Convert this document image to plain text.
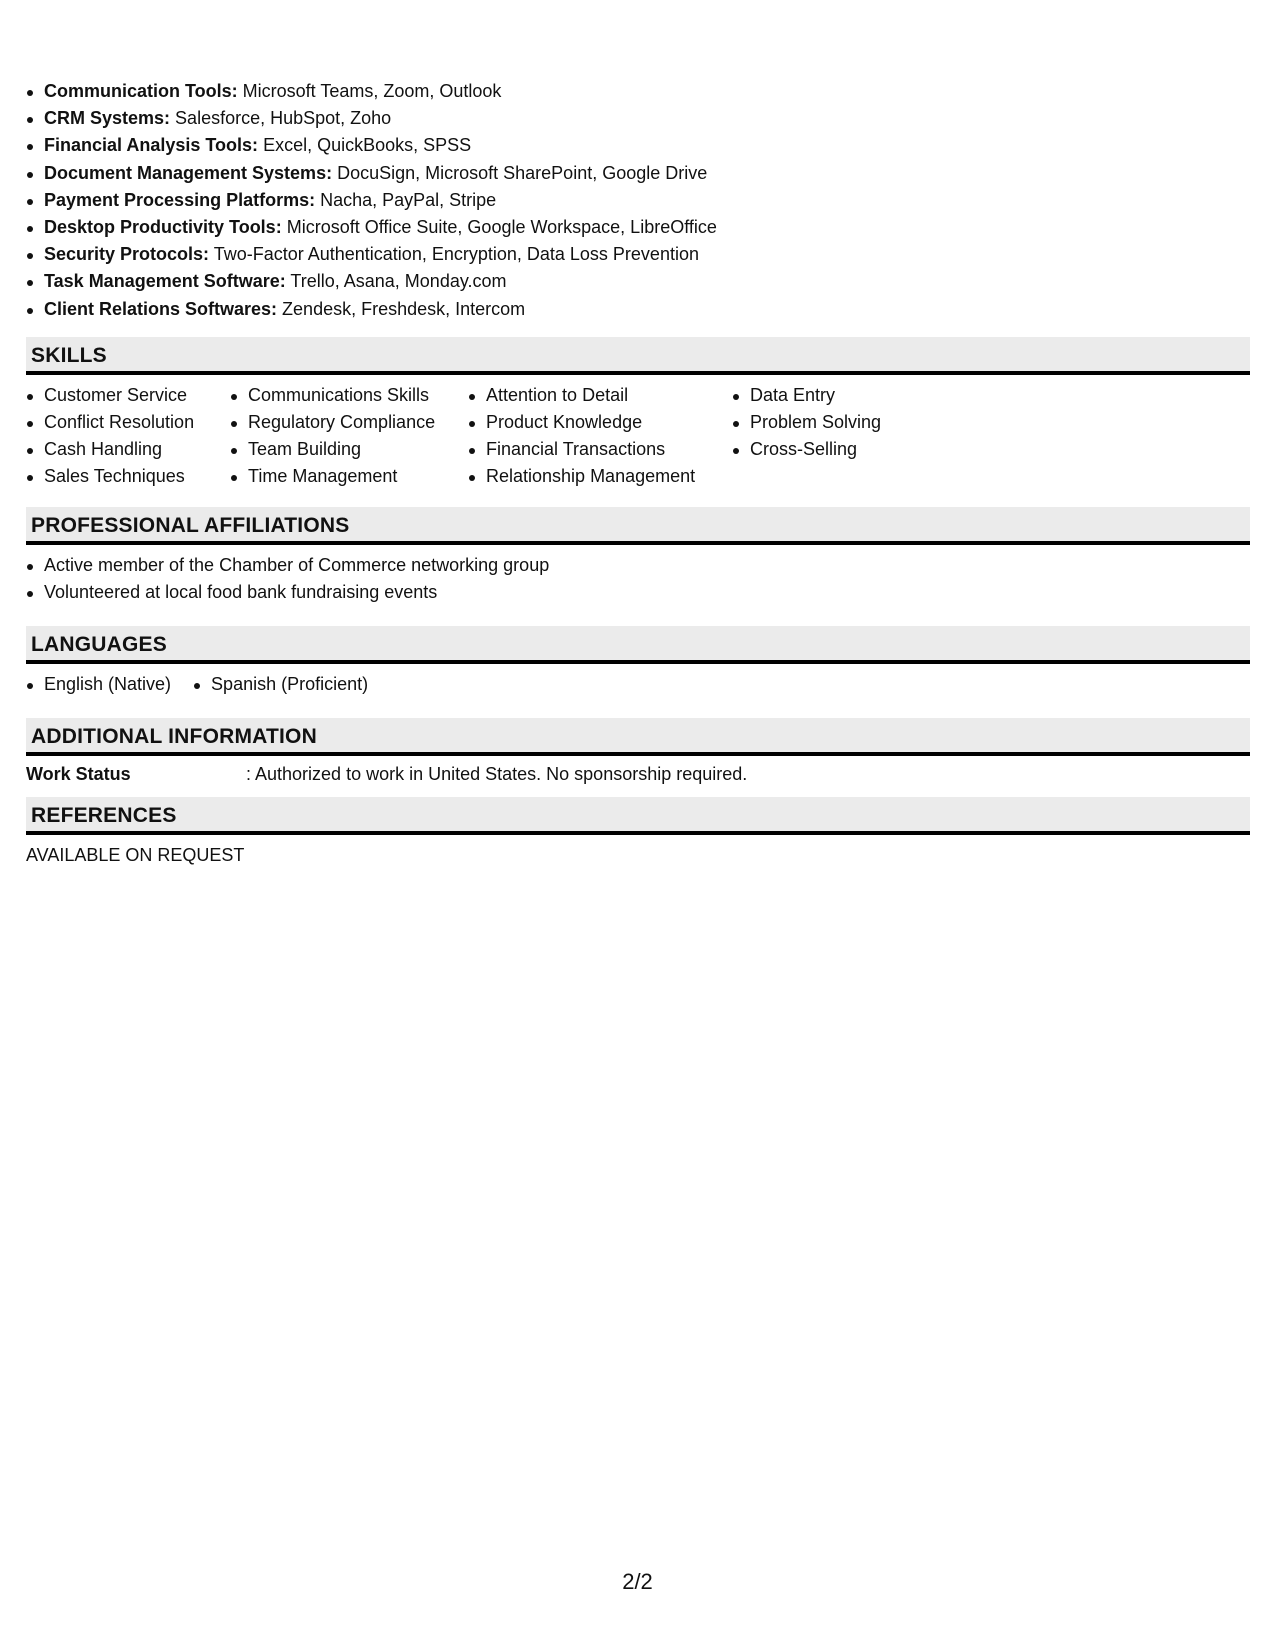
Communication Tools: Microsoft Teams, Zoom, Outlook
CRM Systems: Salesforce, HubSpot, Zoho
Financial Analysis Tools: Excel, QuickBooks, SPSS
Document Management Systems: DocuSign, Microsoft SharePoint, Google Drive
Payment Processing Platforms: Nacha, PayPal, Stripe
Desktop Productivity Tools: Microsoft Office Suite, Google Workspace, LibreOffice
Security Protocols: Two-Factor Authentication, Encryption, Data Loss Prevention
Task Management Software: Trello, Asana, Monday.com
Client Relations Softwares: Zendesk, Freshdesk, Intercom
SKILLS
Customer Service
Conflict Resolution
Cash Handling
Sales Techniques
Communications Skills
Regulatory Compliance
Team Building
Time Management
Attention to Detail
Product Knowledge
Financial Transactions
Relationship Management
Data Entry
Problem Solving
Cross-Selling
PROFESSIONAL AFFILIATIONS
Active member of the Chamber of Commerce networking group
Volunteered at local food bank fundraising events
LANGUAGES
English (Native)	Spanish (Proficient)
ADDITIONAL INFORMATION
Work Status	: Authorized to work in United States. No sponsorship required.
REFERENCES
AVAILABLE ON REQUEST
2/2
